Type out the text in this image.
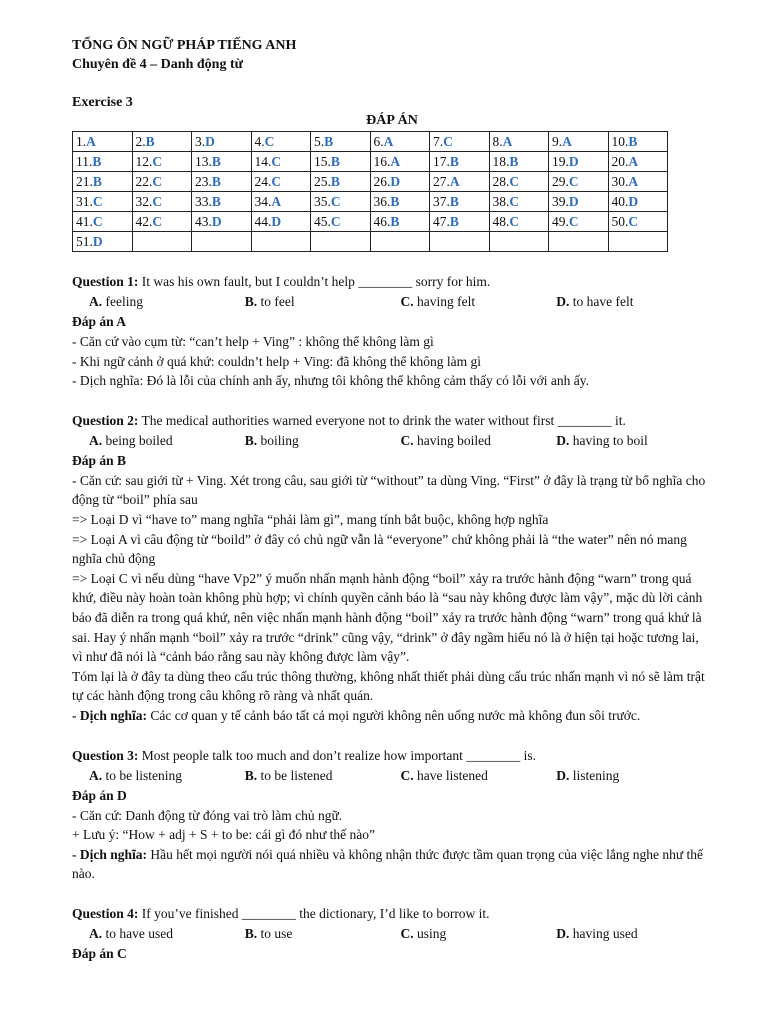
TỔNG ÔN NGỮ PHÁP TIẾNG ANH
Chuyên đề 4 – Danh động từ
Exercise 3
ĐÁP ÁN
1.A	2.B	3.D	4.C	5.B	6.A	7.C	8.A	9.A	10.B
11.B	12.C	13.B	14.C	15.B	16.A	17.B	18.B	19.D	20.A
21.B	22.C	23.B	24.C	25.B	26.D	27.A	28.C	29.C	30.A
31.C	32.C	33.B	34.A	35.C	36.B	37.B	38.C	39.D	40.D
41.C	42.C	43.D	44.D	45.C	46.B	47.B	48.C	49.C	50.C
51.D									
Question 1: It was his own fault, but I couldn’t help ________ sorry for him.
A. feeling	B. to feel	C. having felt	D. to have felt
Đáp án A
- Căn cứ vào cụm từ: “can’t help + Ving” : không thể không làm gì
- Khi ngữ cảnh ở quá khứ: couldn’t help + Ving: đã không thể không làm gì
- Dịch nghĩa: Đó là lỗi của chính anh ấy, nhưng tôi không thể không cảm thấy có lỗi với anh ấy.
Question 2: The medical authorities warned everyone not to drink the water without first ________ it.
A. being boiled	B. boiling	C. having boiled	D. having to boil
Đáp án B
- Căn cứ: sau giới từ + Ving. Xét trong câu, sau giới từ “without” ta dùng Ving. “First” ở đây là trạng từ bổ nghĩa cho động từ “boil” phía sau
=> Loại D vì “have to” mang nghĩa “phải làm gì”, mang tính bắt buộc, không hợp nghĩa
=> Loại A vì câu động từ “boild” ở đây có chủ ngữ vẫn là “everyone” chứ không phải là “the water” nên nó mang nghĩa chủ động
=> Loại C vì nếu dùng “have Vp2” ý muốn nhấn mạnh hành động “boil” xảy ra trước hành động “warn” trong quá khứ, điều này hoàn toàn không phù hợp; vì chính quyền cảnh báo là “sau này không được làm vậy”, mặc dù lời cảnh báo đã diễn ra trong quá khứ, nên việc nhấn mạnh hành động “boil” xảy ra trước hành động “warn” trong quá khứ là sai. Hay ý nhấn mạnh “boil” xảy ra trước “drink” cũng vậy, “drink” ở đây ngầm hiểu nó là ở hiện tại hoặc tương lai, vì như đã nói là “cảnh báo rằng sau này không được làm vậy”.
Tóm lại là ở đây ta dùng theo cấu trúc thông thường, không nhất thiết phải dùng cấu trúc nhấn mạnh vì nó sẽ làm trật tự các hành động trong câu không rõ ràng và nhất quán.
- Dịch nghĩa: Các cơ quan y tế cảnh báo tất cả mọi người không nên uống nước mà không đun sôi trước.
Question 3: Most people talk too much and don’t realize how important ________ is.
A. to be listening	B. to be listened	C. have listened	D. listening
Đáp án D
- Căn cứ: Danh động từ đóng vai trò làm chủ ngữ.
+ Lưu ý: “How + adj + S + to be: cái gì đó như thế nào”
- Dịch nghĩa: Hầu hết mọi người nói quá nhiều và không nhận thức được tầm quan trọng của việc lắng nghe như thế nào.
Question 4: If you’ve finished ________ the dictionary, I’d like to borrow it.
A. to have used	B. to use	C. using	D. having used
Đáp án C
